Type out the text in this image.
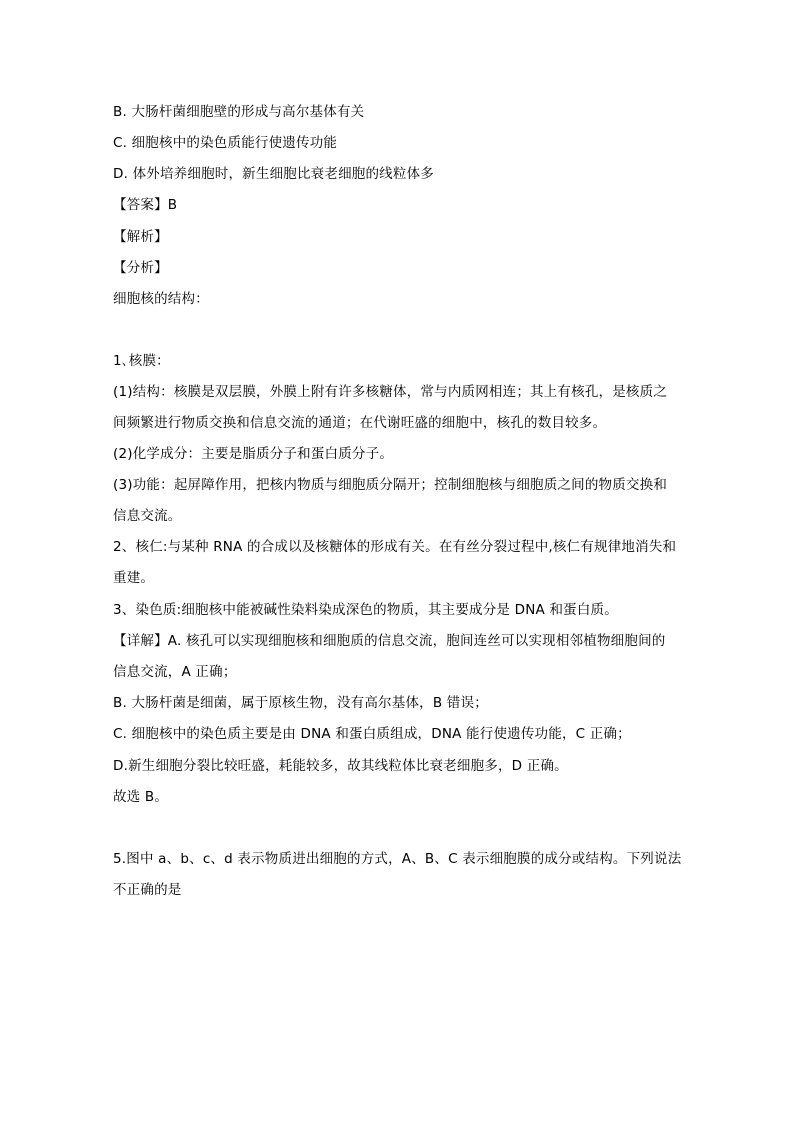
B. 大肠杆菌细胞壁的形成与高尔基体有关
C. 细胞核中的染色质能行使遗传功能
D. 体外培养细胞时，新生细胞比衰老细胞的线粒体多
【答案】B
【解析】
【分析】
细胞核的结构：
1､核膜：
(1)结构：核膜是双层膜，外膜上附有许多核糖体，常与内质网相连；其上有核孔，是核质之
间频繁进行物质交换和信息交流的通道；在代谢旺盛的细胞中，核孔的数目较多。
(2)化学成分：主要是脂质分子和蛋白质分子。
(3)功能：起屏障作用，把核内物质与细胞质分隔开；控制细胞核与细胞质之间的物质交换和
信息交流。
2、核仁:与某种 RNA 的合成以及核糖体的形成有关。在有丝分裂过程中,核仁有规律地消失和
重建。
3、染色质:细胞核中能被碱性染料染成深色的物质，其主要成分是 DNA 和蛋白质。
【详解】A. 核孔可以实现细胞核和细胞质的信息交流，胞间连丝可以实现相邻植物细胞间的
信息交流，A 正确；
B. 大肠杆菌是细菌，属于原核生物，没有高尔基体，B 错误；
C. 细胞核中的染色质主要是由 DNA 和蛋白质组成，DNA 能行使遗传功能，C 正确；
D.新生细胞分裂比较旺盛，耗能较多，故其线粒体比衰老细胞多，D 正确。
故选 B。
5.图中 a、b、c、d 表示物质进出细胞的方式，A、B、C 表示细胞膜的成分或结构。下列说法
不正确的是
